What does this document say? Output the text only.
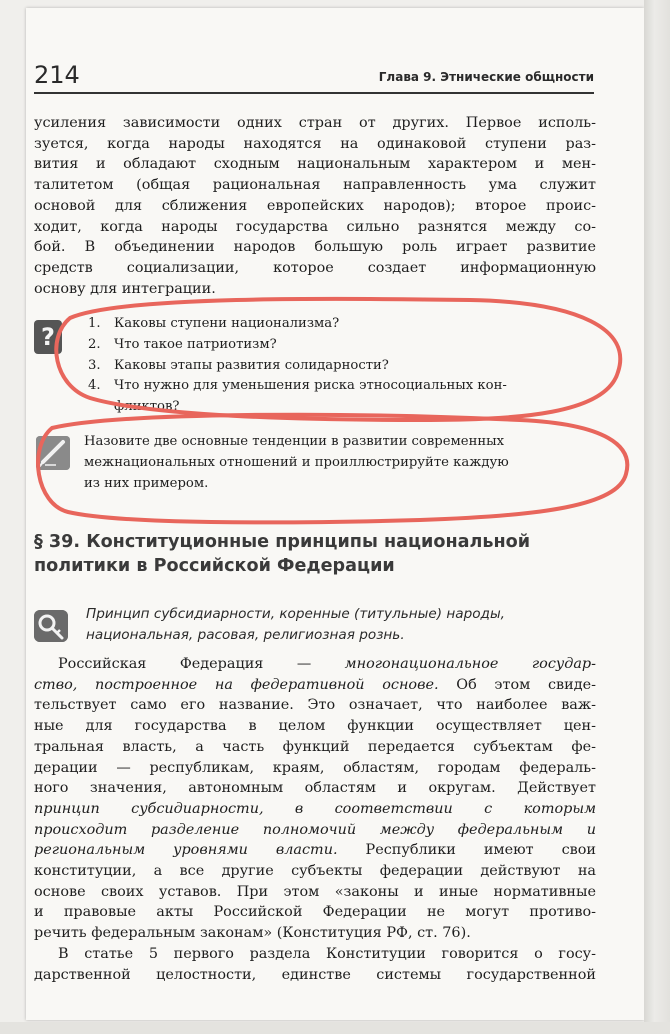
214	Глава 9. Этнические общности
усиления зависимости одних стран от других. Первое исполь-
зуется, когда народы находятся на одинаковой ступени раз-
вития и обладают сходным национальным характером и мен-
талитетом (общая рациональная направленность ума служит
основой для сближения европейских народов); второе проис-
ходит, когда народы государства сильно разнятся между со-
бой. В объединении народов большую роль играет развитие
средств социализации, которое создает информационную
основу для интеграции.
?	1. Каковы ступени национализма?
2. Что такое патриотизм?
3. Каковы этапы развития солидарности?
4. Что нужно для уменьшения риска этносоциальных кон-
фликтов?
Назовите две основные тенденции в развитии современных
межнациональных отношений и проиллюстрируйте каждую
из них примером.
§ 39. Конституционные принципы национальной
политики в Российской Федерации
Принцип субсидиарности, коренные (титульные) народы,
национальная, расовая, религиозная рознь.
Российская Федерация — многонациональное государ-
ство, построенное на федеративной основе. Об этом свиде-
тельствует само его название. Это означает, что наиболее важ-
ные для государства в целом функции осуществляет цен-
тральная власть, а часть функций передается субъектам фе-
дерации — республикам, краям, областям, городам федераль-
ного значения, автономным областям и округам. Действует
принцип субсидиарности, в соответствии с которым
происходит разделение полномочий между федеральным и
региональным уровнями власти. Республики имеют свои
конституции, а все другие субъекты федерации действуют на
основе своих уставов. При этом «законы и иные нормативные
и правовые акты Российской Федерации не могут противо-
речить федеральным законам» (Конституция РФ, ст. 76).
В статье 5 первого раздела Конституции говорится о госу-
дарственной целостности, единстве системы государственной
